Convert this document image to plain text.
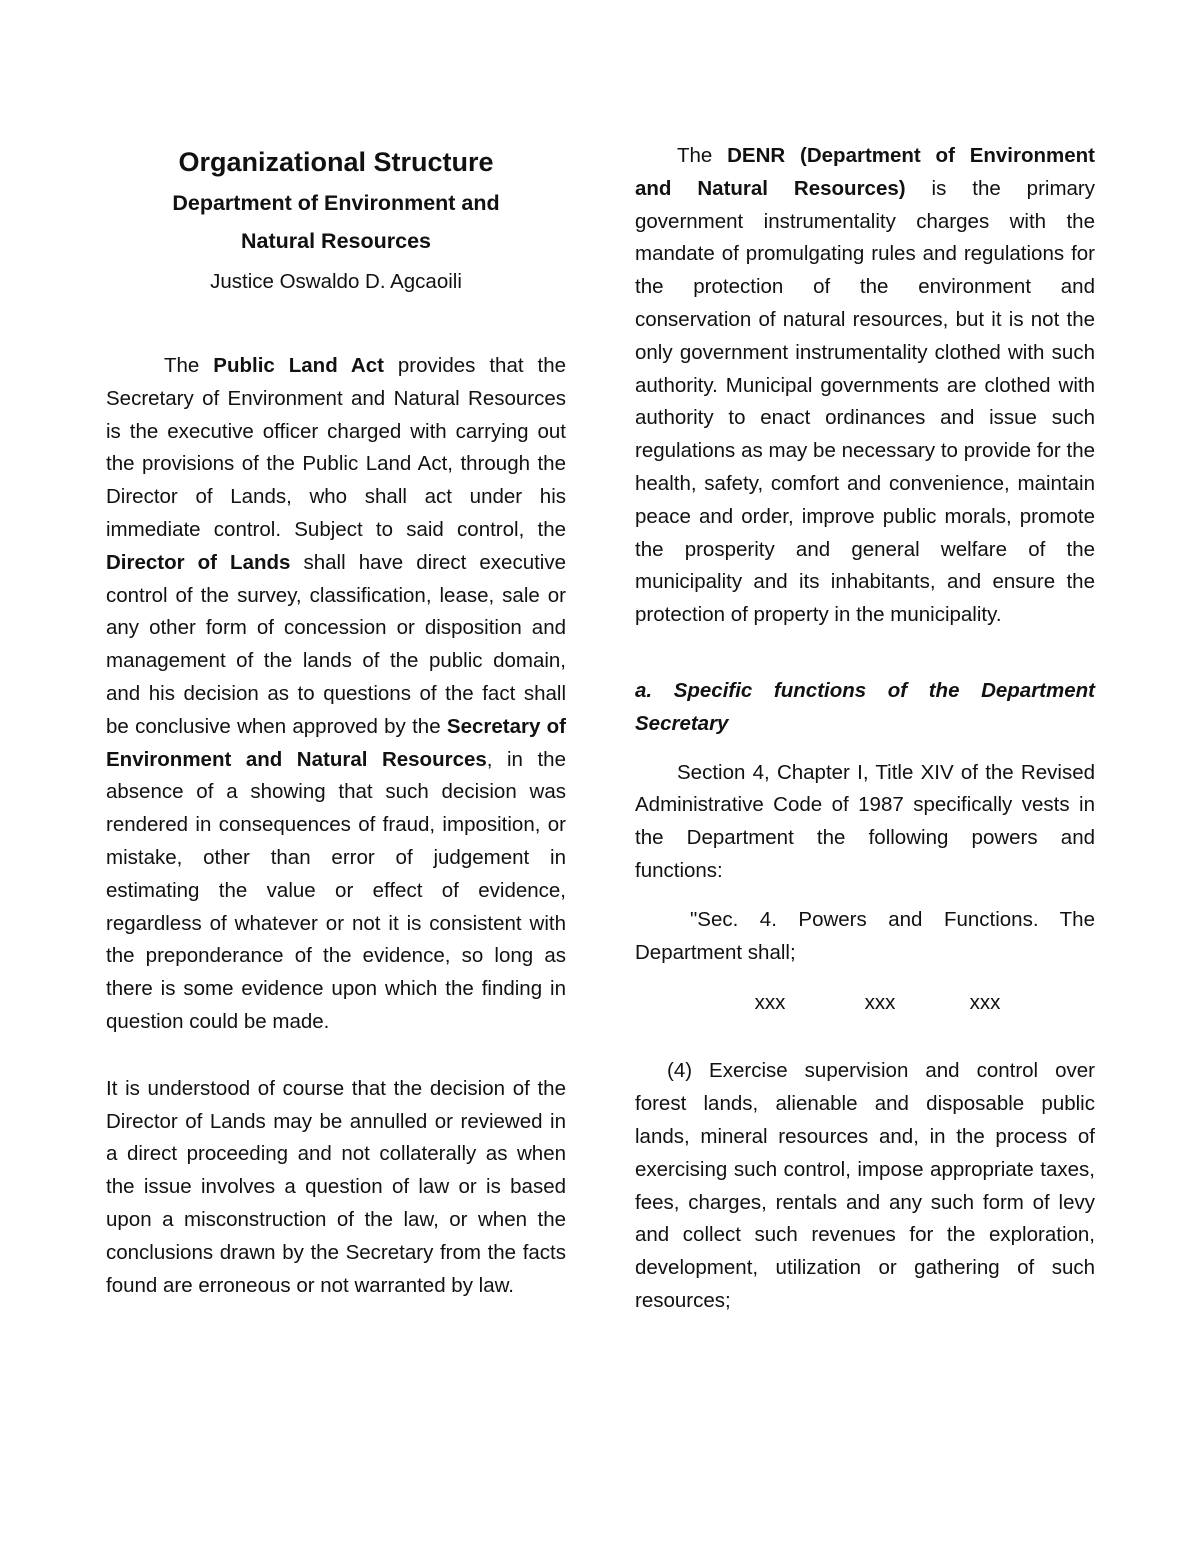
Organizational Structure
Department of Environment and
Natural Resources
Justice Oswaldo D. Agcaoili

The Public Land Act provides that the Secretary of Environment and Natural Resources is the executive officer charged with carrying out the provisions of the Public Land Act, through the Director of Lands, who shall act under his immediate control. Subject to said control, the Director of Lands shall have direct executive control of the survey, classification, lease, sale or any other form of concession or disposition and management of the lands of the public domain, and his decision as to questions of the fact shall be conclusive when approved by the Secretary of Environment and Natural Resources, in the absence of a showing that such decision was rendered in consequences of fraud, imposition, or mistake, other than error of judgement in estimating the value or effect of evidence, regardless of whatever or not it is consistent with the preponderance of the evidence, so long as there is some evidence upon which the finding in question could be made.

It is understood of course that the decision of the Director of Lands may be annulled or reviewed in a direct proceeding and not collaterally as when the issue involves a question of law or is based upon a misconstruction of the law, or when the conclusions drawn by the Secretary from the facts found are erroneous or not warranted by law.

The DENR (Department of Environment and Natural Resources) is the primary government instrumentality charges with the mandate of promulgating rules and regulations for the protection of the environment and conservation of natural resources, but it is not the only government instrumentality clothed with such authority. Municipal governments are clothed with authority to enact ordinances and issue such regulations as may be necessary to provide for the health, safety, comfort and convenience, maintain peace and order, improve public morals, promote the prosperity and general welfare of the municipality and its inhabitants, and ensure the protection of property in the municipality.

a. Specific functions of the Department Secretary

Section 4, Chapter I, Title XIV of the Revised Administrative Code of 1987 specifically vests in the Department the following powers and functions:

"Sec. 4. Powers and Functions. The Department shall;

xxx	xxx	xxx

(4) Exercise supervision and control over forest lands, alienable and disposable public lands, mineral resources and, in the process of exercising such control, impose appropriate taxes, fees, charges, rentals and any such form of levy and collect such revenues for the exploration, development, utilization or gathering of such resources;
